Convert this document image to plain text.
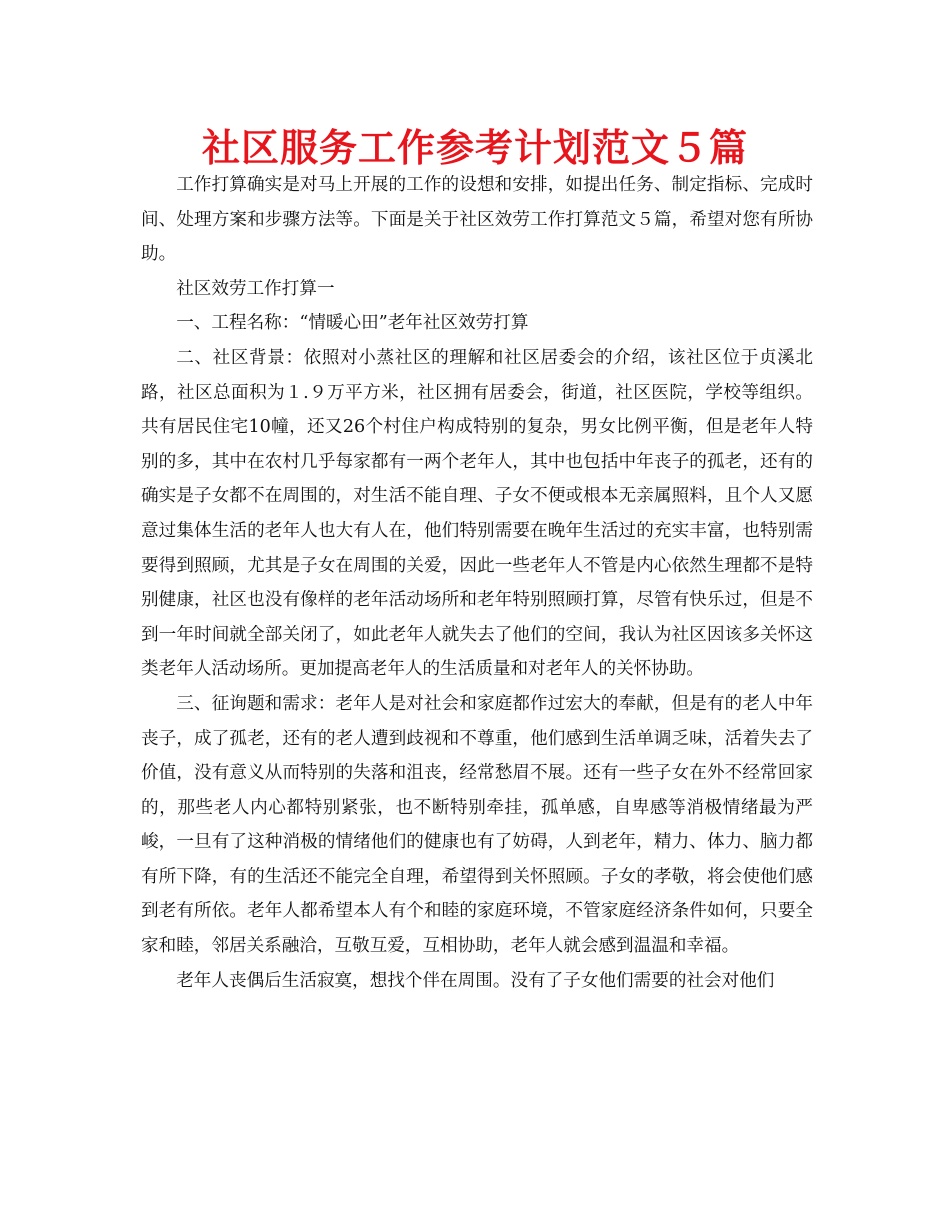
社区服务工作参考计划范文５篇

工作打算确实是对马上开展的工作的设想和安排，如提出任务、制定指标、完成时间、处理方案和步骤方法等。下面是关于社区效劳工作打算范文５篇，希望对您有所协助。

社区效劳工作打算一

一、工程名称：“情暖心田”老年社区效劳打算

二、社区背景：依照对小蒸社区的理解和社区居委会的介绍，该社区位于贞溪北路，社区总面积为１.９万平方米，社区拥有居委会，街道，社区医院，学校等组织。共有居民住宅10幢，还又26个村住户构成特别的复杂，男女比例平衡，但是老年人特别的多，其中在农村几乎每家都有一两个老年人，其中也包括中年丧子的孤老，还有的确实是子女都不在周围的，对生活不能自理、子女不便或根本无亲属照料，且个人又愿意过集体生活的老年人也大有人在，他们特别需要在晚年生活过的充实丰富，也特别需要得到照顾，尤其是子女在周围的关爱，因此一些老年人不管是内心依然生理都不是特别健康，社区也没有像样的老年活动场所和老年特别照顾打算，尽管有快乐过，但是不到一年时间就全部关闭了，如此老年人就失去了他们的空间，我认为社区因该多关怀这类老年人活动场所。更加提高老年人的生活质量和对老年人的关怀协助。

三、征询题和需求：老年人是对社会和家庭都作过宏大的奉献，但是有的老人中年丧子，成了孤老，还有的老人遭到歧视和不尊重，他们感到生活单调乏味，活着失去了价值，没有意义从而特别的失落和沮丧，经常愁眉不展。还有一些子女在外不经常回家的，那些老人内心都特别紧张，也不断特别牵挂，孤单感，自卑感等消极情绪最为严峻，一旦有了这种消极的情绪他们的健康也有了妨碍，人到老年，精力、体力、脑力都有所下降，有的生活还不能完全自理，希望得到关怀照顾。子女的孝敬，将会使他们感到老有所依。老年人都希望本人有个和睦的家庭环境，不管家庭经济条件如何，只要全家和睦，邻居关系融洽，互敬互爱，互相协助，老年人就会感到温温和幸福。

老年人丧偶后生活寂寞，想找个伴在周围。没有了子女他们需要的社会对他们
